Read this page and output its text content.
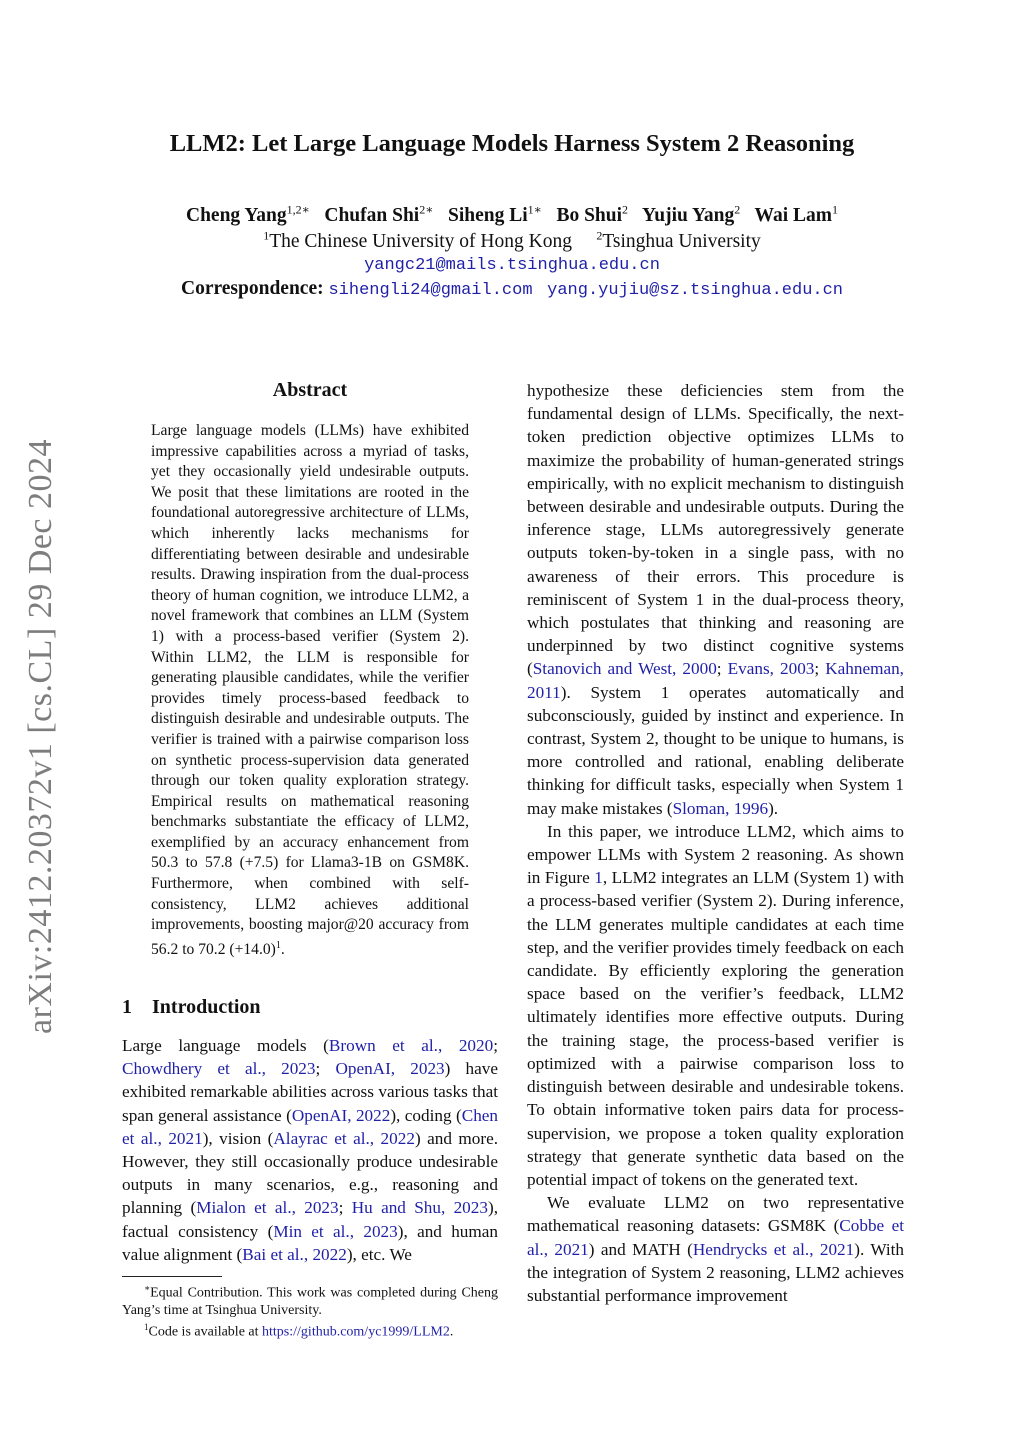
arXiv:2412.20372v1 [cs.CL] 29 Dec 2024
LLM2: Let Large Language Models Harness System 2 Reasoning
Cheng Yang$^{1,2∗}$ Chufan Shi$^{2∗}$ Siheng $Li^{1∗}$ Bo Shui$^2$ Yujiu Yang$^2$ Wai Lam$^1$
$^1$The Chinese University of Hong Kong $^2$Tsinghua University
yangc21@mails.tsinghua.edu.cn
Correspondence: sihengli24@gmail.com yang.yujiu@sz.tsinghua.edu.cn
Abstract
Large language models (LLMs) have exhibited impressive capabilities across a myriad of tasks, yet they occasionally yield undesirable outputs. We posit that these limitations are rooted in the foundational autoregressive architecture of LLMs, which inherently lacks mechanisms for differentiating between desirable and undesirable results. Drawing inspiration from the dual-process theory of human cognition, we introduce LLM2, a novel framework that combines an LLM (System 1) with a process-based verifier (System 2). Within LLM2, the LLM is responsible for generating plausible candidates, while the verifier provides timely process-based feedback to distinguish desirable and undesirable outputs. The verifier is trained with a pairwise comparison loss on synthetic process-supervision data generated through our token quality exploration strategy. Empirical results on mathematical reasoning benchmarks substantiate the efficacy of LLM2, exemplified by an accuracy enhancement from 50.3 to 57.8 (+7.5) for Llama3-1B on GSM8K. Furthermore, when combined with self-consistency, LLM2 achieves additional improvements, boosting major@20 accuracy from 56.2 to 70.2 $(+14.0)^1$.
1 Introduction
Large language models (Brown et al., 2020; Chowdhery et al., 2023; OpenAI, 2023) have exhibited remarkable abilities across various tasks that span general assistance (OpenAI, 2022), coding (Chen et al., 2021), vision (Alayrac et al., 2022) and more. However, they still occasionally produce undesirable outputs in many scenarios, e.g., reasoning and planning (Mialon et al., 2023; Hu and Shu, 2023), factual consistency (Min et al., 2023), and human value alignment (Bai et al., 2022), etc. We

∗Equal Contribution. This work was completed during Cheng Yang’s time at Tsinghua University.

$^1$Code is available at https://github.com/yc1999/LLM2.

hypothesize these deficiencies stem from the fundamental design of LLMs. Specifically, the next-token prediction objective optimizes LLMs to maximize the probability of human-generated strings empirically, with no explicit mechanism to distinguish between desirable and undesirable outputs. During the inference stage, LLMs autoregressively generate outputs token-by-token in a single pass, with no awareness of their errors. This procedure is reminiscent of System 1 in the dual-process theory, which postulates that thinking and reasoning are underpinned by two distinct cognitive systems (Stanovich and West, 2000; Evans, 2003; Kahneman, 2011). System 1 operates automatically and subconsciously, guided by instinct and experience. In contrast, System 2, thought to be unique to humans, is more controlled and rational, enabling deliberate thinking for difficult tasks, especially when System 1 may make mistakes (Sloman, 1996).

In this paper, we introduce LLM2, which aims to empower LLMs with System 2 reasoning. As shown in Figure 1, LLM2 integrates an LLM (System 1) with a process-based verifier (System 2). During inference, the LLM generates multiple candidates at each time step, and the verifier provides timely feedback on each candidate. By efficiently exploring the generation space based on the verifier’s feedback, LLM2 ultimately identifies more effective outputs. During the training stage, the process-based verifier is optimized with a pairwise comparison loss to distinguish between desirable and undesirable tokens. To obtain informative token pairs data for process-supervision, we propose a token quality exploration strategy that generate synthetic data based on the potential impact of tokens on the generated text.

We evaluate LLM2 on two representative mathematical reasoning datasets: GSM8K (Cobbe et al., 2021) and MATH (Hendrycks et al., 2021). With the integration of System 2 reasoning, LLM2 achieves substantial performance improvement
